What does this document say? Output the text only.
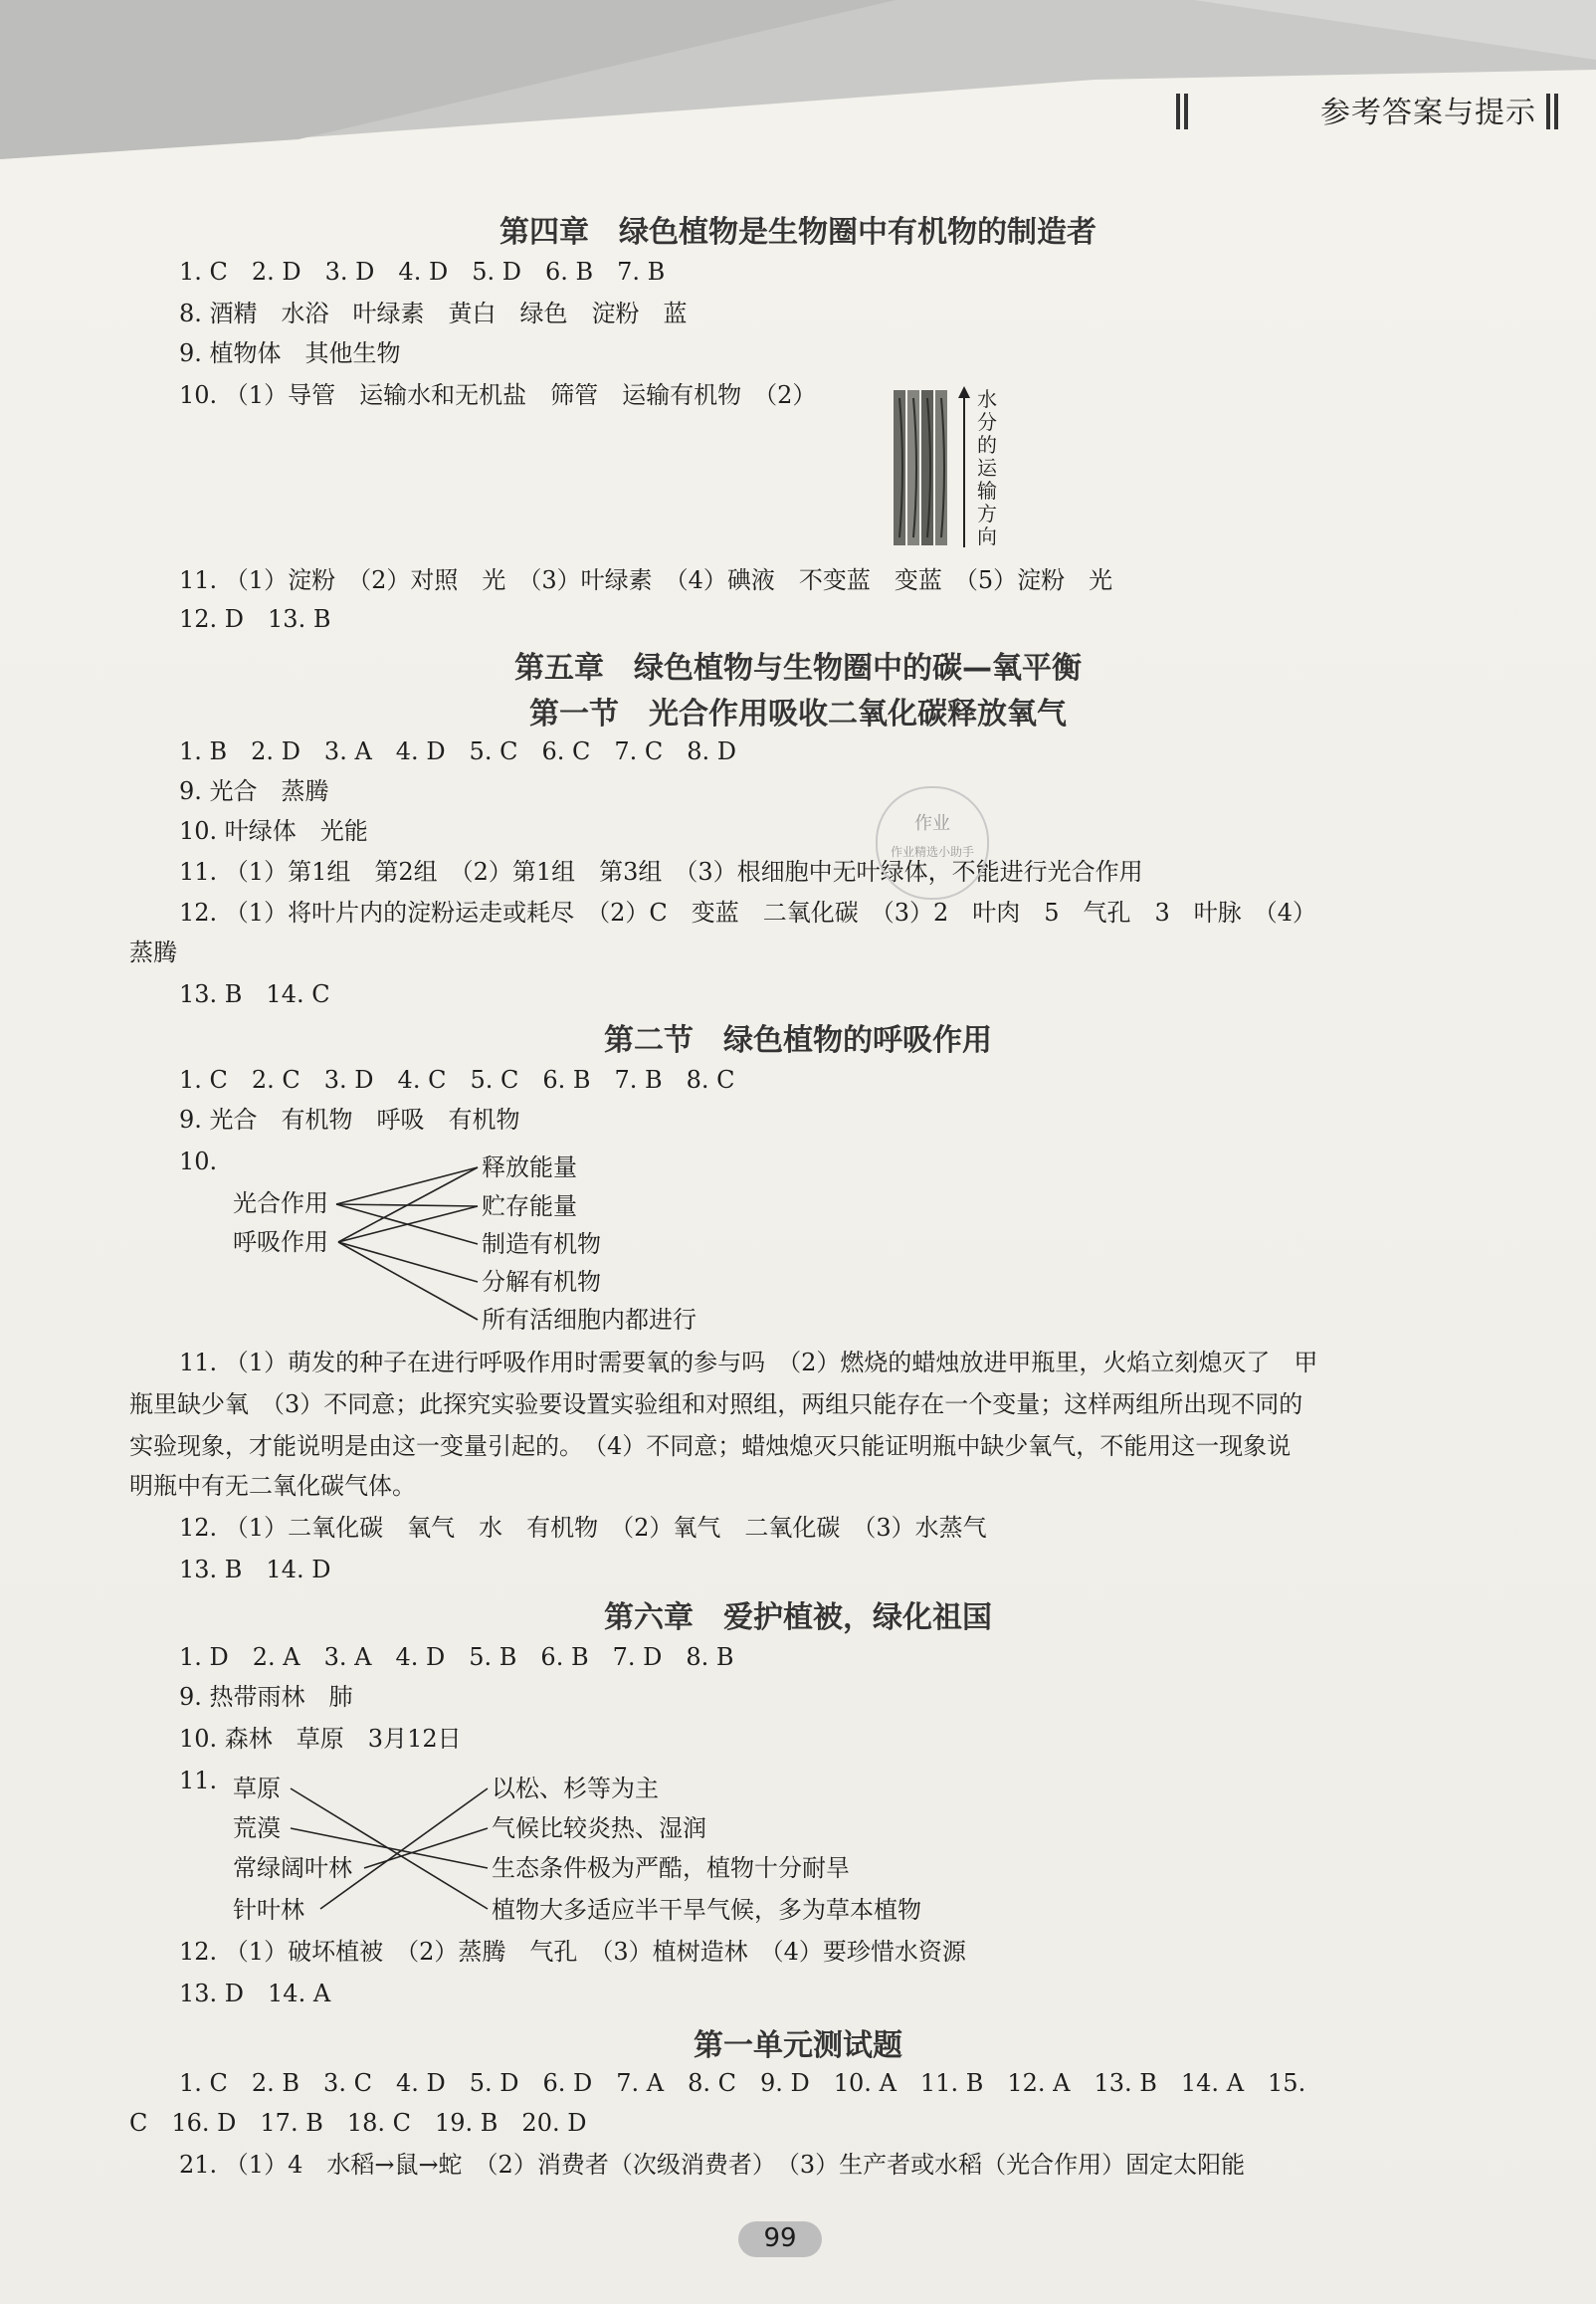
参考答案与提示
第四章　绿色植物是生物圈中有机物的制造者
1. C　2. D　3. D　4. D　5. D　6. B　7. B
8. 酒精　水浴　叶绿素　黄白　绿色　淀粉　蓝
9. 植物体　其他生物
10. （1）导管　运输水和无机盐　筛管　运输有机物　（2）	水分的运输方向
11. （1）淀粉　（2）对照　光　（3）叶绿素　（4）碘液　不变蓝　变蓝　（5）淀粉　光
12. D　13. B
第五章　绿色植物与生物圈中的碳—氧平衡
第一节　光合作用吸收二氧化碳释放氧气
1. B　2. D　3. A　4. D　5. C　6. C　7. C　8. D
9. 光合　蒸腾
10. 叶绿体　光能
11. （1）第1组　第2组　（2）第1组　第3组　（3）根细胞中无叶绿体，不能进行光合作用
12. （1）将叶片内的淀粉运走或耗尽　（2）C　变蓝　二氧化碳　（3）2　叶肉　5　气孔　3　叶脉　（4）
蒸腾
13. B　14. C
作业
作业精选小助手
第二节　绿色植物的呼吸作用
1. C　2. C　3. D　4. C　5. C　6. B　7. B　8. C
9. 光合　有机物　呼吸　有机物
10.
光合作用
呼吸作用
释放能量
贮存能量
制造有机物
分解有机物
所有活细胞内都进行
11. （1）萌发的种子在进行呼吸作用时需要氧的参与吗　（2）燃烧的蜡烛放进甲瓶里，火焰立刻熄灭了　甲
瓶里缺少氧　（3）不同意；此探究实验要设置实验组和对照组，两组只能存在一个变量；这样两组所出现不同的
实验现象，才能说明是由这一变量引起的。　（4）不同意；蜡烛熄灭只能证明瓶中缺少氧气，不能用这一现象说
明瓶中有无二氧化碳气体。
12. （1）二氧化碳　氧气　水　有机物　（2）氧气　二氧化碳　（3）水蒸气
13. B　14. D
第六章　爱护植被，绿化祖国
1. D　2. A　3. A　4. D　5. B　6. B　7. D　8. B
9. 热带雨林　肺
10. 森林　草原　3月12日
11. 草原
荒漠
常绿阔叶林
针叶林
以松、杉等为主
气候比较炎热、湿润
生态条件极为严酷，植物十分耐旱
植物大多适应半干旱气候，多为草本植物
12. （1）破坏植被　（2）蒸腾　气孔　（3）植树造林　（4）要珍惜水资源
13. D　14. A
第一单元测试题
1. C　2. B　3. C　4. D　5. D　6. D　7. A　8. C　9. D　10. A　11. B　12. A　13. B　14. A　15.
C　16. D　17. B　18. C　19. B　20. D
21. （1）4　水稻→鼠→蛇　（2）消费者（次级消费者）　（3）生产者或水稻（光合作用）固定太阳能
99
